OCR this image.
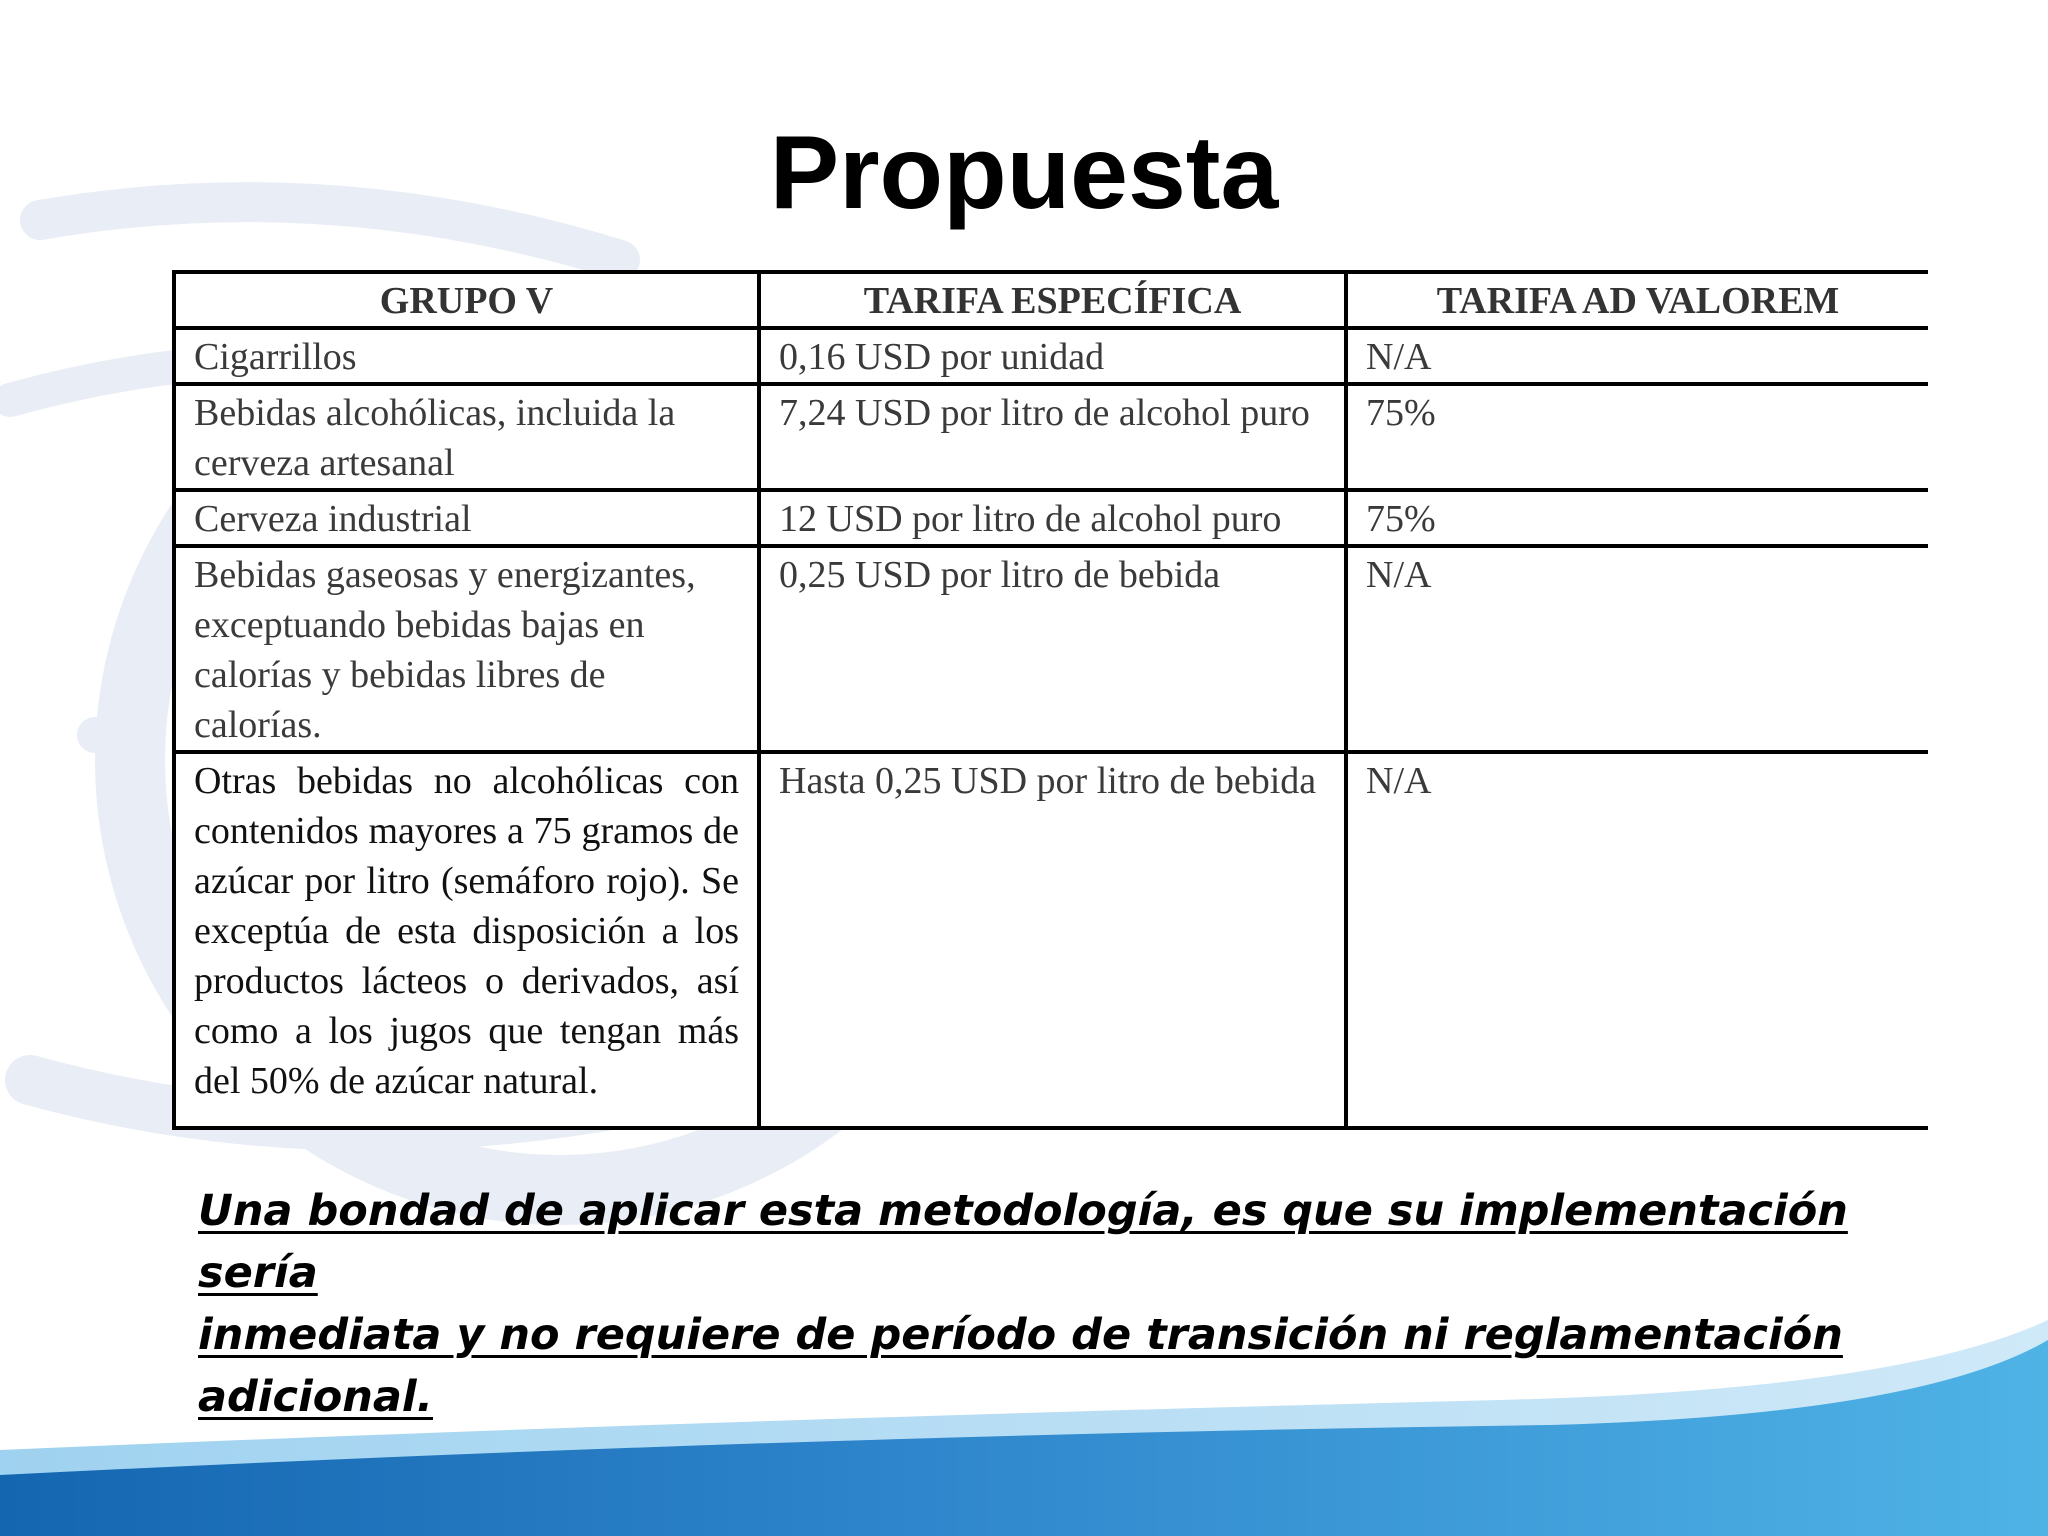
Propuesta
GRUPO V	TARIFA ESPECÍFICA	TARIFA AD VALOREM
Cigarrillos	0,16 USD por unidad	N/A
Bebidas alcohólicas, incluida la cerveza artesanal	7,24 USD por litro de alcohol puro	75%
Cerveza industrial	12 USD por litro de alcohol puro	75%
Bebidas gaseosas y energizantes, exceptuando bebidas bajas en calorías y bebidas libres de calorías.	0,25 USD por litro de bebida	N/A
Otras bebidas no alcohólicas con contenidos mayores a 75 gramos de azúcar por litro (semáforo rojo). Se exceptúa de esta disposición a los productos lácteos o derivados, así como a los jugos que tengan más del 50% de azúcar natural.	Hasta 0,25 USD por litro de bebida	N/A
Una bondad de aplicar esta metodología, es que su implementación sería
inmediata y no requiere de período de transición ni reglamentación adicional.
